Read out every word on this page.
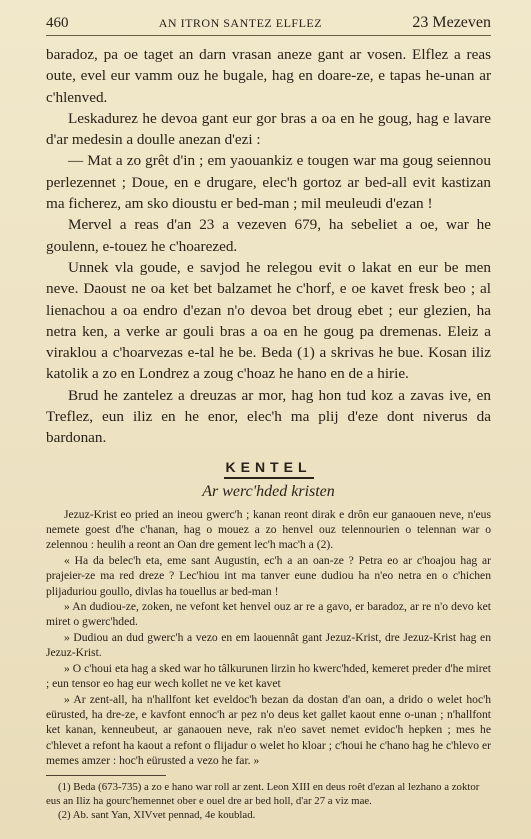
460	AN ITRON SANTEZ ELFLEZ	23 Mezeven

baradoz, pa oe taget an darn vrasan aneze gant ar vosen. Elflez a reas oute, evel eur vamm ouz he bugale, hag en doare-ze, e tapas he-unan ar c'hlenved.

Leskadurez he devoa gant eur gor bras a oa en he goug, hag e lavare d'ar medesin a doulle anezan d'ezi :

— Mat a zo grêt d'in ; em yaouankiz e tougen war ma goug seiennou perlezennet ; Doue, en e drugare, elec'h gortoz ar bed-all evit kastizan ma ficherez, am sko dioustu er bed-man ; mil meuleudi d'ezan !

Mervel a reas d'an 23 a vezeven 679, ha sebeliet a oe, war he goulenn, e-touez he c'hoarezed.

Unnek vla goude, e savjod he relegou evit o lakat en eur be men neve. Daoust ne oa ket bet balzamet he c'horf, e oe kavet fresk beo ; al lienachou a oa endro d'ezan n'o devoa bet droug ebet ; eur glezien, ha netra ken, a verke ar gouli bras a oa en he goug pa dremenas. Eleiz a viraklou a c'hoarvezas e-tal he be. Beda (1) a skrivas he bue. Kosan iliz katolik a zo en Londrez a zoug c'hoaz he hano en de a hirie.

Brud he zantelez a dreuzas ar mor, hag hon tud koz a zavas ive, en Treflez, eun iliz en he enor, elec'h ma plij d'eze dont niverus da bardonan.

KENTEL
Ar werc'hded kristen

Jezuz-Krist eo pried an ineou gwerc'h ; kanan reont dirak e drôn eur ganaouen neve, n'eus nemete goest d'he c'hanan, hag o mouez a zo henvel ouz telennourien o telennan war o zelennou : heulih a reont an Oan dre gement lec'h mac'h a (2).

« Ha da belec'h eta, eme sant Augustin, ec'h a an oan-ze ? Petra eo ar c'hoajou hag ar prajeier-ze ma red dreze ? Lec'hiou int ma tanver eune dudiou ha n'eo netra en o c'hichen plijaduriou goullo, divlas ha touellus ar bed-man !

» An dudiou-ze, zoken, ne vefont ket henvel ouz ar re a gavo, er baradoz, ar re n'o devo ket miret o gwerc'hded.

» Dudiou an dud gwerc'h a vezo en em laouennât gant Jezuz-Krist, dre Jezuz-Krist hag en Jezuz-Krist.

» O c'houi eta hag a sked war ho tâlkurunen lirzin ho kwerc'hded, kemeret preder d'he miret ; eun tensor eo hag eur wech kollet ne ve ket kavet

» Ar zent-all, ha n'hallfont ket eveldoc'h bezan da dostan d'an oan, a drido o welet hoc'h eürusted, ha dre-ze, e kavfont ennoc'h ar pez n'o deus ket gallet kaout enne o-unan ; n'hallfont ket kanan, kenneubeut, ar ganaouen neve, rak n'eo savet nemet evidoc'h hepken ; mes he c'hlevet a refont ha kaout a refont o flijadur o welet ho kloar ; c'houi he c'hano hag he c'hlevo er memes amzer : hoc'h eürusted a vezo he far. »

(1) Beda (673-735) a zo e hano war roll ar zent. Leon XIII en deus roêt d'ezan al lezhano a zoktor eus an Iliz ha gourc'hemennet ober e ouel dre ar bed holl, d'ar 27 a viz mae.

(2) Ab. sant Yan, XIVvet pennad, 4e koublad.
